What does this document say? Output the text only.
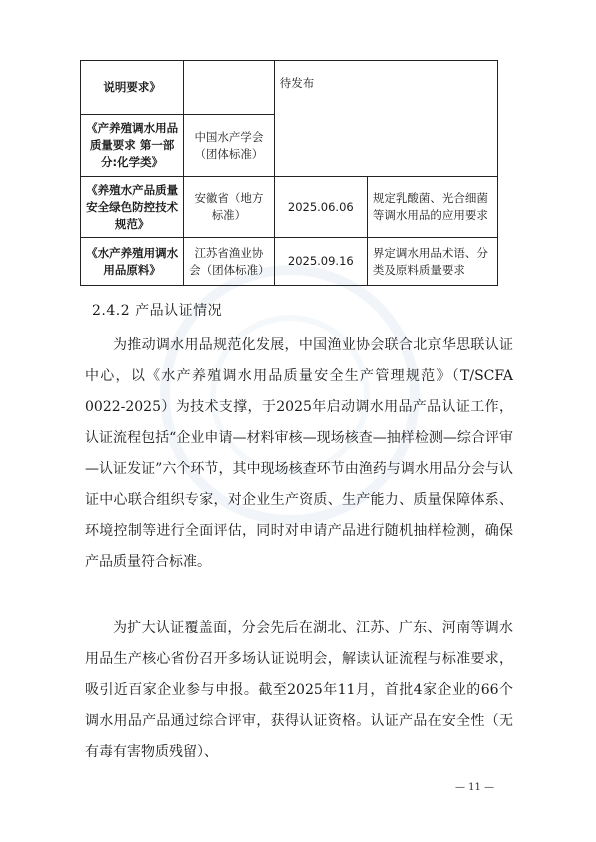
说明要求》		待发布	
《产养殖调水用品质量要求 第一部分:化学类》	中国水产学会（团体标准）		
《养殖水产品质量安全绿色防控技术规范》	安徽省（地方标准）	2025.06.06	规定乳酸菌、光合细菌等调水用品的应用要求
《水产养殖用调水用品原料》	江苏省渔业协会（团体标准）	2025.09.16	界定调水用品术语、分类及原料质量要求
2.4.2 产品认证情况

为推动调水用品规范化发展，中国渔业协会联合北京华思联认证中心，以《水产养殖调水用品质量安全生产管理规范》（T/SCFA 0022-2025）为技术支撑，于2025年启动调水用品产品认证工作，认证流程包括“企业申请—材料审核—现场核查—抽样检测—综合评审—认证发证”六个环节，其中现场核查环节由渔药与调水用品分会与认证中心联合组织专家，对企业生产资质、生产能力、质量保障体系、环境控制等进行全面评估，同时对申请产品进行随机抽样检测，确保产品质量符合标准。

为扩大认证覆盖面，分会先后在湖北、江苏、广东、河南等调水用品生产核心省份召开多场认证说明会，解读认证流程与标准要求，吸引近百家企业参与申报。截至2025年11月，首批4家企业的66个调水用品产品通过综合评审，获得认证资格。认证产品在安全性（无有毒有害物质残留）、

— 11 —
